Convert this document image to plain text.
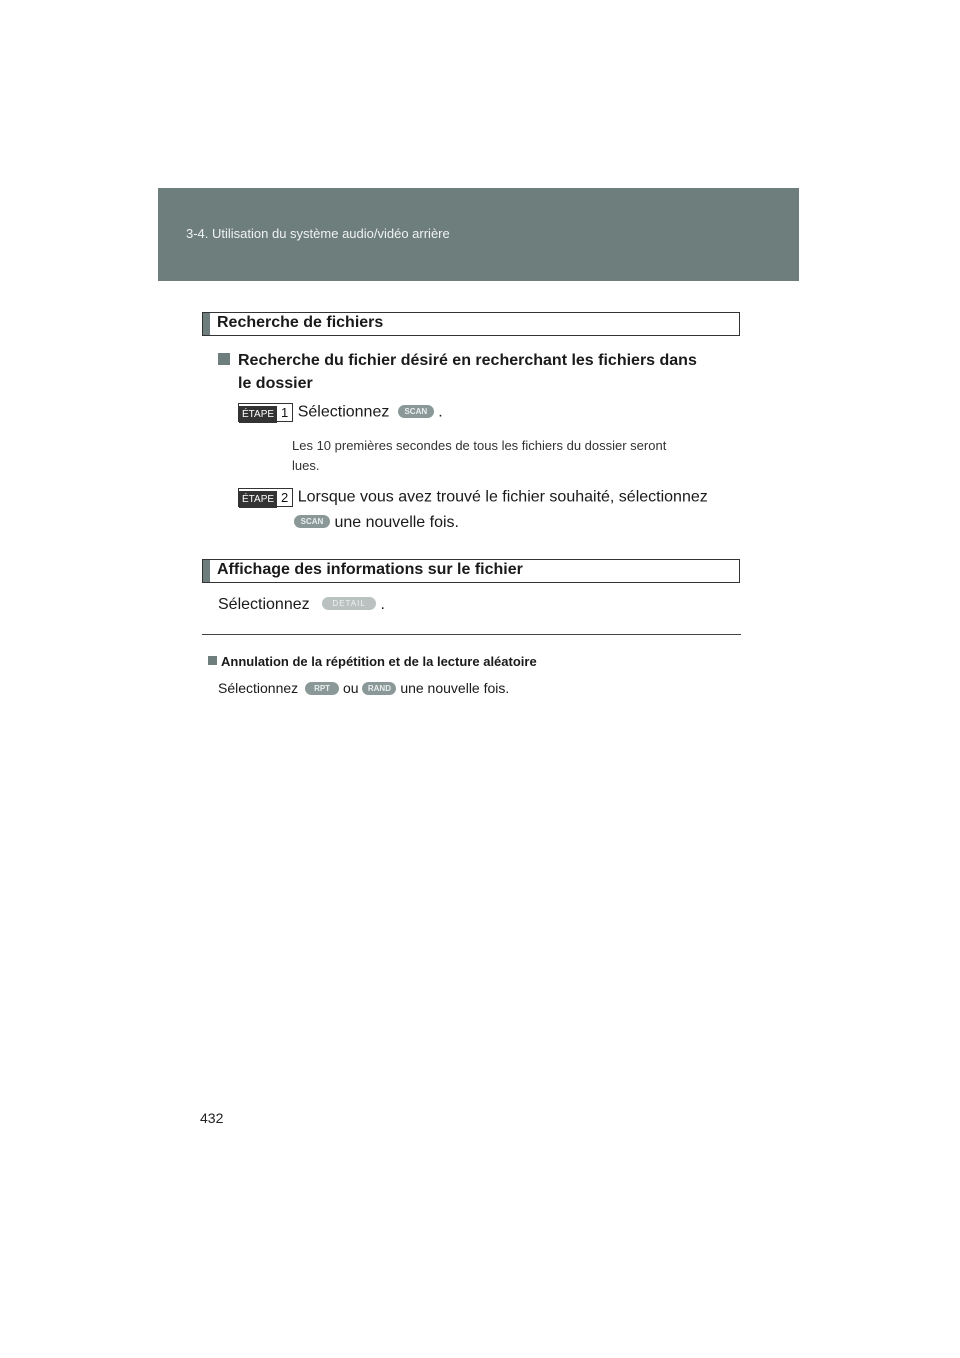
3-4. Utilisation du système audio/vidéo arrière
Recherche de fichiers
Recherche du fichier désiré en recherchant les fichiers dans
le dossier
ÉTAPE 1 Sélectionnez SCAN .
Les 10 premières secondes de tous les fichiers du dossier seront
lues.
ÉTAPE 2 Lorsque vous avez trouvé le fichier souhaité, sélectionnez
SCAN une nouvelle fois.
Affichage des informations sur le fichier
Sélectionnez	DETAIL .
Annulation de la répétition et de la lecture aléatoire
Sélectionnez RPT ou RAND une nouvelle fois.
432
